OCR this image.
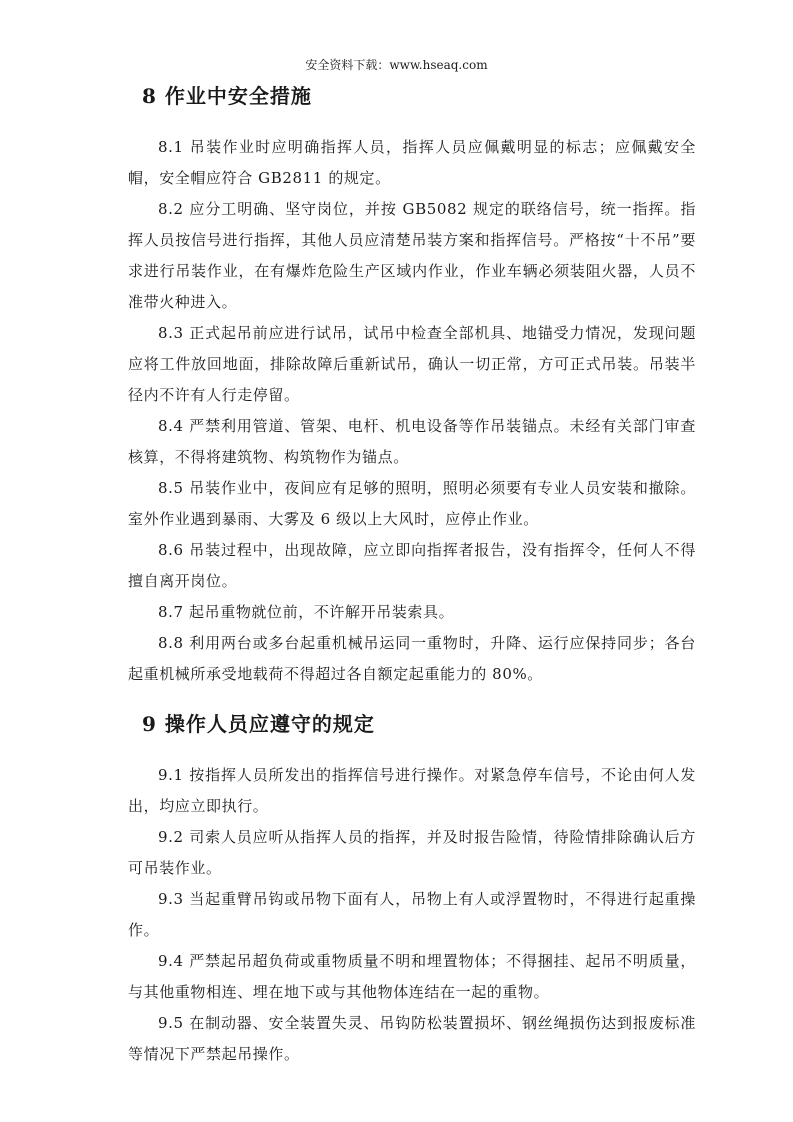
安全资料下载：www.hseaq.com
8 作业中安全措施

8.1 吊装作业时应明确指挥人员，指挥人员应佩戴明显的标志；应佩戴安全帽，安全帽应符合 GB2811 的规定。

8.2 应分工明确、坚守岗位，并按 GB5082 规定的联络信号，统一指挥。指挥人员按信号进行指挥，其他人员应清楚吊装方案和指挥信号。严格按“十不吊”要求进行吊装作业，在有爆炸危险生产区域内作业，作业车辆必须装阻火器，人员不准带火种进入。

8.3 正式起吊前应进行试吊，试吊中检查全部机具、地锚受力情况，发现问题应将工件放回地面，排除故障后重新试吊，确认一切正常，方可正式吊装。吊装半径内不许有人行走停留。

8.4 严禁利用管道、管架、电杆、机电设备等作吊装锚点。未经有关部门审查核算，不得将建筑物、构筑物作为锚点。

8.5 吊装作业中，夜间应有足够的照明，照明必须要有专业人员安装和撤除。室外作业遇到暴雨、大雾及 6 级以上大风时，应停止作业。

8.6 吊装过程中，出现故障，应立即向指挥者报告，没有指挥令，任何人不得擅自离开岗位。

8.7 起吊重物就位前，不许解开吊装索具。

8.8 利用两台或多台起重机械吊运同一重物时，升降、运行应保持同步；各台起重机械所承受地载荷不得超过各自额定起重能力的 80%。

9 操作人员应遵守的规定

9.1 按指挥人员所发出的指挥信号进行操作。对紧急停车信号，不论由何人发出，均应立即执行。

9.2 司索人员应听从指挥人员的指挥，并及时报告险情，待险情排除确认后方可吊装作业。

9.3 当起重臂吊钩或吊物下面有人，吊物上有人或浮置物时，不得进行起重操作。

9.4 严禁起吊超负荷或重物质量不明和埋置物体；不得捆挂、起吊不明质量，与其他重物相连、埋在地下或与其他物体连结在一起的重物。

9.5 在制动器、安全装置失灵、吊钩防松装置损坏、钢丝绳损伤达到报废标准等情况下严禁起吊操作。
